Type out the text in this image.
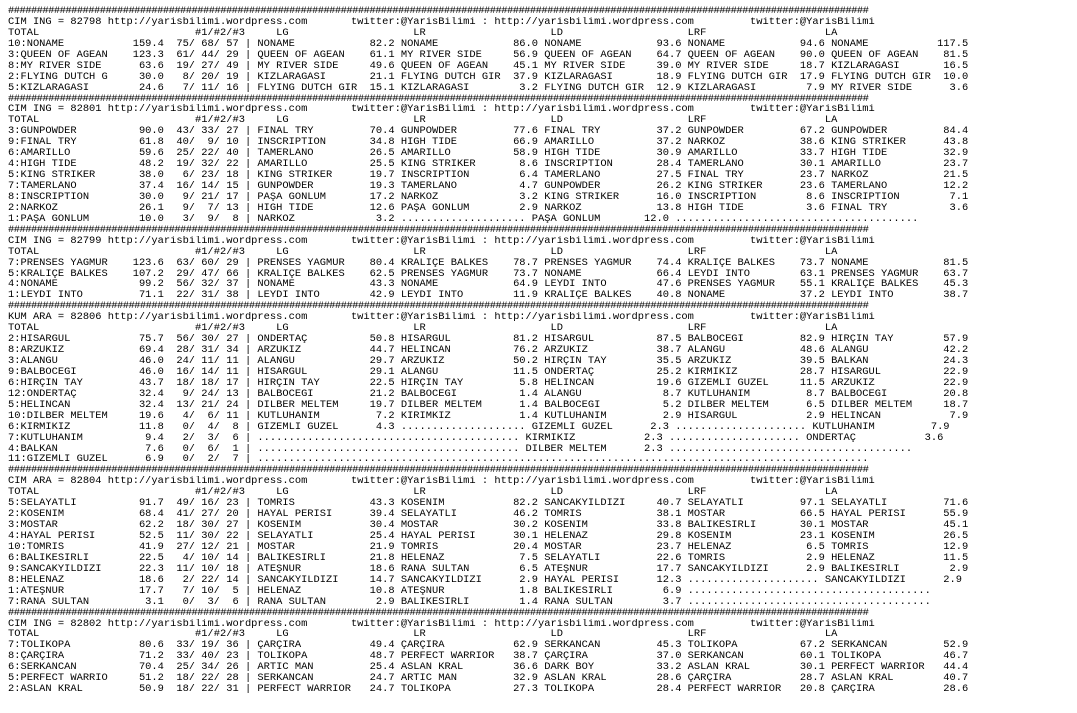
######################################################################################################################################################
CIM ING = 82798 http://yarisbilimi.wordpress.com       twitter:@YarisBilimi : http://yarisbilimi.wordpress.com         twitter:@YarisBilimi
TOTAL                         #1/#2/#3     LG                    LR                    LD                    LRF                   LA
10:NONAME           159.4  75/ 68/ 57 | NONAME            82.2 NONAME            86.0 NONAME            93.6 NONAME            94.6 NONAME           117.5
3:QUEEN OF AGEAN    123.3  61/ 44/ 29 | QUEEN OF AGEAN    61.1 MY RIVER SIDE     56.9 QUEEN OF AGEAN    64.7 QUEEN OF AGEAN    90.0 QUEEN OF AGEAN    81.5
8:MY RIVER SIDE      63.6  19/ 27/ 49 | MY RIVER SIDE     49.6 QUEEN OF AGEAN    45.1 MY RIVER SIDE     39.0 MY RIVER SIDE     18.7 KIZLARAĞASI       16.5
2:FLYING DUTCH G     30.0   8/ 20/ 19 | KIZLARAĞASI       21.1 FLYING DUTCH GIR  37.9 KIZLARAĞASI       18.9 FLYING DUTCH GIR  17.9 FLYING DUTCH GIR  10.0
5:KIZLARAĞASI        24.6   7/ 11/ 16 | FLYING DUTCH GIR  15.1 KIZLARAĞASI        3.2 FLYING DUTCH GIR  12.9 KIZLARAĞASI        7.9 MY RIVER SIDE      3.6
######################################################################################################################################################
CIM ING = 82801 http://yarisbilimi.wordpress.com       twitter:@YarisBilimi : http://yarisbilimi.wordpress.com         twitter:@YarisBilimi
TOTAL                         #1/#2/#3     LG                    LR                    LD                    LRF                   LA
3:GUNPOWDER          90.0  43/ 33/ 27 | FINAL TRY         70.4 GUNPOWDER         77.6 FINAL TRY         37.2 GUNPOWDER         67.2 GUNPOWDER         84.4
9:FINAL TRY          61.8  40/  9/ 10 | INSCRIPTION       34.8 HIGH TIDE         66.9 AMARILLO          37.2 NARKOZ            38.6 KING STRIKER      43.8
6:AMARILLO           59.6  25/ 22/ 40 | TAMERLANO         26.5 AMARILLO          58.9 HIGH TIDE         30.9 AMARILLO          33.7 HIGH TIDE         32.9
4:HIGH TIDE          48.2  19/ 32/ 22 | AMARILLO          25.5 KING STRIKER       8.6 INSCRIPTION       28.4 TAMERLANO         30.1 AMARILLO          23.7
5:KING STRIKER       38.0   6/ 23/ 18 | KING STRIKER      19.7 INSCRIPTION        6.4 TAMERLANO         27.5 FINAL TRY         23.7 NARKOZ            21.5
7:TAMERLANO          37.4  16/ 14/ 15 | GUNPOWDER         19.3 TAMERLANO          4.7 GUNPOWDER         26.2 KING STRIKER      23.6 TAMERLANO         12.2
8:INSCRIPTION        30.0   9/ 21/ 17 | PAŞA GÖNLÜM       17.2 NARKOZ             3.2 KING STRIKER      16.0 INSCRIPTION        8.6 INSCRIPTION        7.1
2:NARKOZ             26.1   9/  7/ 13 | HIGH TIDE         12.6 PAŞA GÖNLÜM        2.9 NARKOZ            13.8 HIGH TIDE          3.6 FINAL TRY          3.6
1:PAŞA GÖNLÜM        10.0   3/  9/  8 | NARKOZ             3.2 .................... PAŞA GÖNLÜM       12.0 .......................................
######################################################################################################################################################
CIM ING = 82799 http://yarisbilimi.wordpress.com       twitter:@YarisBilimi : http://yarisbilimi.wordpress.com         twitter:@YarisBilimi
TOTAL                         #1/#2/#3     LG                    LR                    LD                    LRF                   LA
7:PRENSES YAĞMUR    123.6  63/ 60/ 29 | PRENSES YAĞMUR    80.4 KRALİÇE BALKES    78.7 PRENSES YAĞMUR    74.4 KRALİÇE BALKES    73.7 NONAME            81.5
5:KRALİÇE BALKES    107.2  29/ 47/ 66 | KRALİÇE BALKES    62.5 PRENSES YAĞMUR    73.7 NONAME            66.4 LEYDİ İNTO        63.1 PRENSES YAĞMUR    63.7
4:NONAME             99.2  56/ 32/ 37 | NONAME            43.3 NONAME            64.9 LEYDİ İNTO        47.6 PRENSES YAĞMUR    55.1 KRALİÇE BALKES    45.3
1:LEYDİ İNTO         71.1  22/ 31/ 38 | LEYDİ İNTO        42.9 LEYDİ İNTO        11.9 KRALİÇE BALKES    40.8 NONAME            37.2 LEYDİ İNTO        38.7
######################################################################################################################################################
KUM ARA = 82806 http://yarisbilimi.wordpress.com       twitter:@YarisBilimi : http://yarisbilimi.wordpress.com         twitter:@YarisBilimi
TOTAL                         #1/#2/#3     LG                    LR                    LD                    LRF                   LA
2:HİSARGÜL           75.7  56/ 30/ 27 | ÖNDERTAÇ          50.8 HİSARGÜL          81.2 HİSARGÜL          87.5 BALBÖCEĞİ         82.9 HIRÇIN TAY        57.9
8:ARZUKIZ            69.4  28/ 31/ 34 | ARZUKIZ           44.7 HELİNCAN          76.2 ARZUKIZ           38.7 ALANGU            48.6 ALANGU            42.2
3:ALANGU             46.0  24/ 11/ 11 | ALANGU            29.7 ARZUKIZ           50.2 HIRÇIN TAY        35.5 ARZUKIZ           39.5 BALKAN            24.3
9:BALBÖCEĞİ          46.0  16/ 14/ 11 | HİSARGÜL          29.1 ALANGU            11.5 ÖNDERTAÇ          25.2 KIRMIKIZ          28.7 HİSARGÜL          22.9
6:HIRÇIN TAY         43.7  18/ 18/ 17 | HIRÇIN TAY        22.5 HIRÇIN TAY         5.8 HELİNCAN          19.6 GİZEMLİ GÜZEL     11.5 ARZUKIZ           22.9
12:ÖNDERTAÇ          32.4   9/ 24/ 13 | BALBÖCEĞİ         21.2 BALBÖCEĞİ          1.4 ALANGU             8.7 KUTLUHANIM         8.7 BALBÖCEĞİ         20.8
5:HELİNCAN           32.4  13/ 21/ 24 | DİLBER MELTEM     19.7 DİLBER MELTEM      1.4 BALBÖCEĞİ          5.2 DİLBER MELTEM      6.5 DİLBER MELTEM     18.7
10:DİLBER MELTEM     19.6   4/  6/ 11 | KUTLUHANIM         7.2 KIRIMKIZ           1.4 KUTLUHANIM         2.9 HİSARGÜL           2.9 HELİNCAN           7.9
6:KIRMIKIZ           11.8   0/  4/  8 | GİZEMLİ GÜZEL      4.3 .................... GİZEMLİ GÜZEL      2.3 ..................... KUTLUHANIM         7.9
7:KUTLUHANIM          9.4   2/  3/  6 | .......................................... KIRMIKIZ           2.3 ..................... ÖNDERTAÇ           3.6
4:BALKAN              7.6   0/  6/  1 | .......................................... DİLBER MELTEM      2.3 .......................................
11:GİZEMLİ GÜZEL      6.9   0/  2/  7 | ..................................................................................................
######################################################################################################################################################
CIM ARA = 82804 http://yarisbilimi.wordpress.com       twitter:@YarisBilimi : http://yarisbilimi.wordpress.com         twitter:@YarisBilimi
TOTAL                         #1/#2/#3     LG                    LR                    LD                    LRF                   LA
5:SELAYATLI          91.7  49/ 16/ 23 | TOMRİS            43.3 KÖSENİM           82.2 SANCAKYILDIZI     40.7 SELAYATLI         97.1 SELAYATLI         71.6
2:KÖSENİM            68.4  41/ 27/ 20 | HAYAL PERİSİ      39.4 SELAYATLI         46.2 TOMRİS            38.1 MOSTAR            66.5 HAYAL PERİSİ      55.9
3:MOSTAR             62.2  18/ 30/ 27 | KÖSENİM           30.4 MOSTAR            30.2 KÖSENİM           33.8 BALIKESİRLİ       30.1 MOSTAR            45.1
4:HAYAL PERİSİ       52.5  11/ 30/ 22 | SELAYATLI         25.4 HAYAL PERİSİ      30.1 HELENAZ           29.8 KÖSENİM           23.1 KÖSENİM           26.5
10:TOMRİS            41.9  27/ 12/ 21 | MOSTAR            21.9 TOMRİS            20.4 MOSTAR            23.7 HELENAZ            6.5 TOMRİS            12.9
6:BALIKESİRLİ        22.5   4/ 10/ 14 | BALIKESİRLİ       21.8 HELENAZ            7.5 SELAYATLI         22.6 TOMRİS             2.9 HELENAZ           11.5
9:SANCAKYILDIZI      22.3  11/ 10/ 18 | ATEŞNUR           18.6 RANA SULTAN        6.5 ATEŞNUR           17.7 SANCAKYILDIZI      2.9 BALIKESİRLİ        2.9
8:HELENAZ            18.6   2/ 22/ 14 | SANCAKYILDIZI     14.7 SANCAKYILDIZI      2.9 HAYAL PERİSİ      12.3 ..................... SANCAKYILDIZI      2.9
1:ATEŞNUR            17.7   7/ 10/  5 | HELENAZ           10.8 ATEŞNUR            1.8 BALIKESİRLİ        6.9 .......................................
7:RANA SULTAN         3.1   0/  3/  6 | RANA SULTAN        2.9 BALIKESİRLİ        1.4 RANA SULTAN        3.7 .......................................
######################################################################################################################################################
CIM ING = 82802 http://yarisbilimi.wordpress.com       twitter:@YarisBilimi : http://yarisbilimi.wordpress.com         twitter:@YarisBilimi
TOTAL                         #1/#2/#3     LG                    LR                    LD                    LRF                   LA
7:TOLİKOPA           80.6  33/ 19/ 36 | ÇARÇIRA           49.4 ÇARÇIRA           62.9 SERKANCAN         45.3 TOLİKOPA          67.2 SERKANCAN         52.9
8:ÇARÇIRA            71.2  33/ 40/ 23 | TOLİKOPA          48.7 PERFECT WARRIOR   38.7 ÇARÇIRA           37.0 SERKANCAN         60.1 TOLİKOPA          46.7
6:SERKANCAN          70.4  25/ 34/ 26 | ARTIC MAN         25.4 ASLAN KRAL        36.6 DARK BOY          33.2 ASLAN KRAL        30.1 PERFECT WARRIOR   44.4
5:PERFECT WARRIO     51.2  18/ 22/ 28 | SERKANCAN         24.7 ARTIC MAN         32.9 ASLAN KRAL        28.6 ÇARÇIRA           28.7 ASLAN KRAL        40.7
2:ASLAN KRAL         50.9  18/ 22/ 31 | PERFECT WARRIOR   24.7 TOLİKOPA          27.3 TOLİKOPA          28.4 PERFECT WARRIOR   20.8 ÇARÇIRA           28.6
